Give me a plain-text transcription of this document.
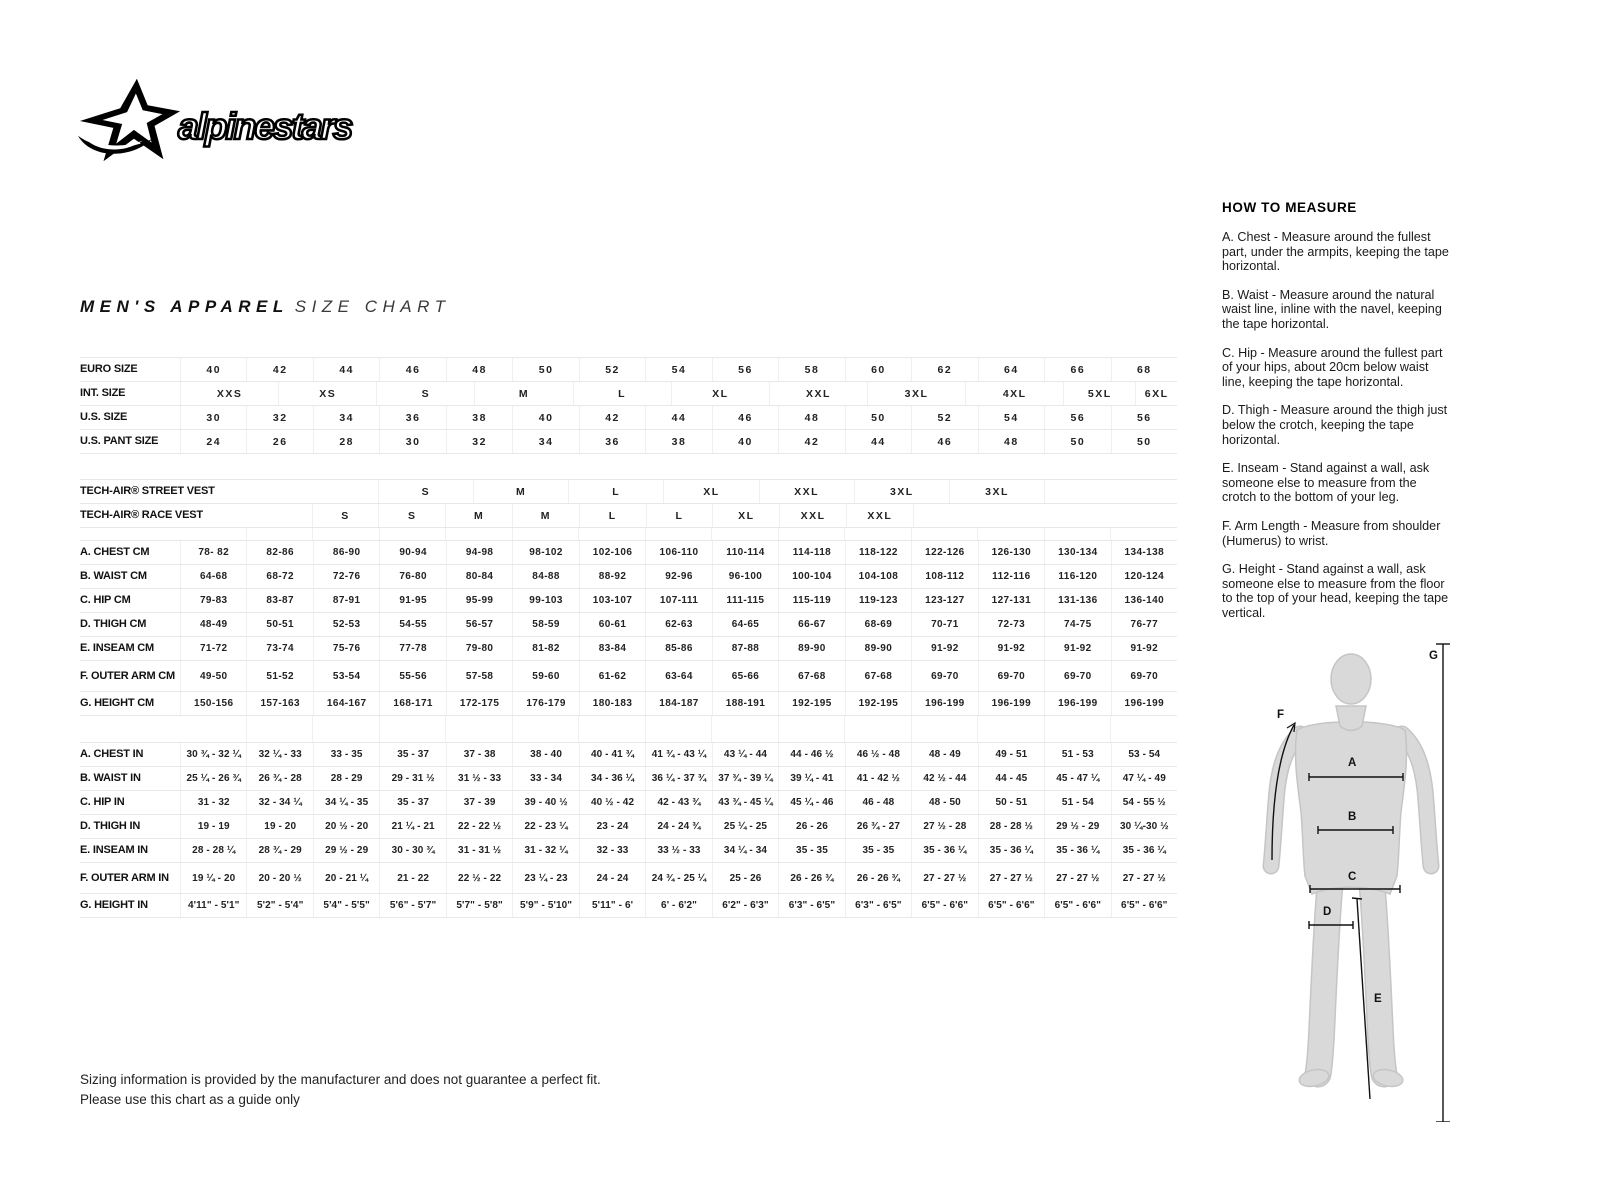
alpinestars
MEN'S APPAREL SIZE CHART
EURO SIZE	40	42	44	46	48	50	52	54	56	58	60	62	64	66	68
INT. SIZE	XXS	XS	S	M	L	XL	XXL	3XL	4XL	5XL	6XL
U.S. SIZE	30	32	34	36	38	40	42	44	46	48	50	52	54	56	56
U.S. PANT SIZE	24	26	28	30	32	34	36	38	40	42	44	46	48	50	50
TECH-AIR® STREET VEST	S	M	L	XL	XXL	3XL	3XL
TECH-AIR® RACE VEST	S	S	M	M	L	L	XL	XXL	XXL
A. CHEST CM	78- 82	82-86	86-90	90-94	94-98	98-102	102-106	106-110	110-114	114-118	118-122	122-126	126-130	130-134	134-138
B. WAIST CM	64-68	68-72	72-76	76-80	80-84	84-88	88-92	92-96	96-100	100-104	104-108	108-112	112-116	116-120	120-124
C. HIP CM	79-83	83-87	87-91	91-95	95-99	99-103	103-107	107-111	111-115	115-119	119-123	123-127	127-131	131-136	136-140
D. THIGH CM	48-49	50-51	52-53	54-55	56-57	58-59	60-61	62-63	64-65	66-67	68-69	70-71	72-73	74-75	76-77
E. INSEAM CM	71-72	73-74	75-76	77-78	79-80	81-82	83-84	85-86	87-88	89-90	89-90	91-92	91-92	91-92	91-92
F. OUTER ARM CM	49-50	51-52	53-54	55-56	57-58	59-60	61-62	63-64	65-66	67-68	67-68	69-70	69-70	69-70	69-70
G. HEIGHT CM	150-156	157-163	164-167	168-171	172-175	176-179	180-183	184-187	188-191	192-195	192-195	196-199	196-199	196-199	196-199
A. CHEST IN	30 ¾ - 32 ¼	32 ¼ - 33	33 - 35	35 - 37	37 - 38	38 - 40	40 - 41 ¾	41 ¾ - 43 ¼	43 ¼ - 44	44 - 46 ½	46 ½ - 48	48 - 49	49 - 51	51 - 53	53 - 54
B. WAIST IN	25 ¼ - 26 ¾	26 ¾ - 28	28 - 29	29 - 31 ½	31 ½ - 33	33 - 34	34 - 36 ¼	36 ¼ - 37 ¾	37 ¾ - 39 ¼	39 ¼ - 41	41 - 42 ½	42 ½ - 44	44 - 45	45 - 47 ¼	47 ¼ - 49
C. HIP IN	31 - 32	32 - 34 ¼	34 ¼ - 35	35 - 37	37 - 39	39 - 40 ½	40 ½ - 42	42 - 43 ¾	43 ¾ - 45 ¼	45 ¼ - 46	46 - 48	48 - 50	50 - 51	51 - 54	54 - 55 ½
D. THIGH IN	19 - 19	19 - 20	20 ½ - 20	21 ¼ - 21	22 - 22 ½	22 - 23 ¼	23 - 24	24 - 24 ¾	25 ¼ - 25	26 - 26	26 ¾ - 27	27 ½ - 28	28 - 28 ½	29 ½ - 29	30 ¼-30 ½
E. INSEAM IN	28 - 28 ¼	28 ¾ - 29	29 ½ - 29	30 - 30 ¾	31 - 31 ½	31 - 32 ¼	32 - 33	33 ½ - 33	34 ¼ - 34	35 - 35	35 - 35	35 - 36 ¼	35 - 36 ¼	35 - 36 ¼	35 - 36 ¼
F. OUTER ARM IN	19 ¼ - 20	20 - 20 ½	20 - 21 ¼	21 - 22	22 ½ - 22	23 ¼ - 23	24 - 24	24 ¾ - 25 ¼	25 - 26	26 - 26 ¾	26 - 26 ¾	27 - 27 ½	27 - 27 ½	27 - 27 ½	27 - 27 ½
G. HEIGHT IN	4'11" - 5'1"	5'2" - 5'4"	5'4" - 5'5"	5'6" - 5'7"	5'7" - 5'8"	5'9" - 5'10"	5'11" - 6'	6' - 6'2"	6'2" - 6'3"	6'3" - 6'5"	6'3" - 6'5"	6'5" - 6'6"	6'5" - 6'6"	6'5" - 6'6"	6'5" - 6'6"
HOW TO MEASURE

A. Chest - Measure around the fullest part, under the armpits, keeping the tape horizontal.

B. Waist - Measure around the natural waist line, inline with the navel, keeping the tape horizontal.

C. Hip - Measure around the fullest part of your hips, about 20cm below waist line, keeping the tape horizontal.

D. Thigh - Measure around the thigh just below the crotch, keeping the tape horizontal.

E. Inseam - Stand against a wall, ask someone else to measure from the crotch to the bottom of your leg.

F. Arm Length - Measure from shoulder (Humerus) to wrist.

G. Height - Stand against a wall, ask someone else to measure from the floor to the top of your head, keeping the tape vertical.

A
B
C
D
E
F
G
Sizing information is provided by the manufacturer and does not guarantee a perfect fit.
Please use this chart as a guide only
